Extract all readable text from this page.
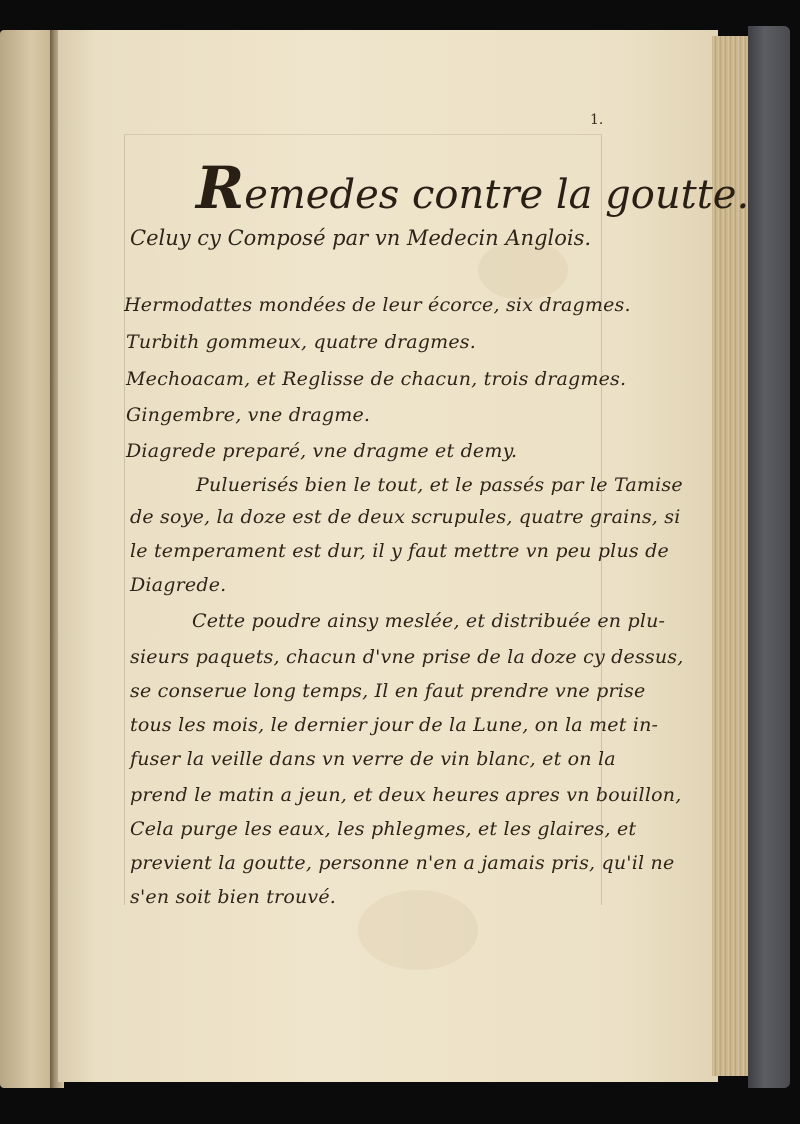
1.
Remedes contre la goutte.
Celuy cy Composé par vn Medecin Anglois.
Hermodattes mondées de leur écorce, six dragmes.
Turbith gommeux, quatre dragmes.
Mechoacam, et Reglisse de chacun, trois dragmes.
Gingembre, vne dragme.
Diagrede preparé, vne dragme et demy.
Puluerisés bien le tout, et le passés par le Tamise
de soye, la doze est de deux scrupules, quatre grains, si
le temperament est dur, il y faut mettre vn peu plus de
Diagrede.
Cette poudre ainsy meslée, et distribuée en plu-
sieurs paquets, chacun d'vne prise de la doze cy dessus,
se conserue long temps, Il en faut prendre vne prise
tous les mois, le dernier jour de la Lune, on la met in-
fuser la veille dans vn verre de vin blanc, et on la
prend le matin a jeun, et deux heures apres vn bouillon,
Cela purge les eaux, les phlegmes, et les glaires, et
previent la goutte, personne n'en a jamais pris, qu'il ne
s'en soit bien trouvé.
